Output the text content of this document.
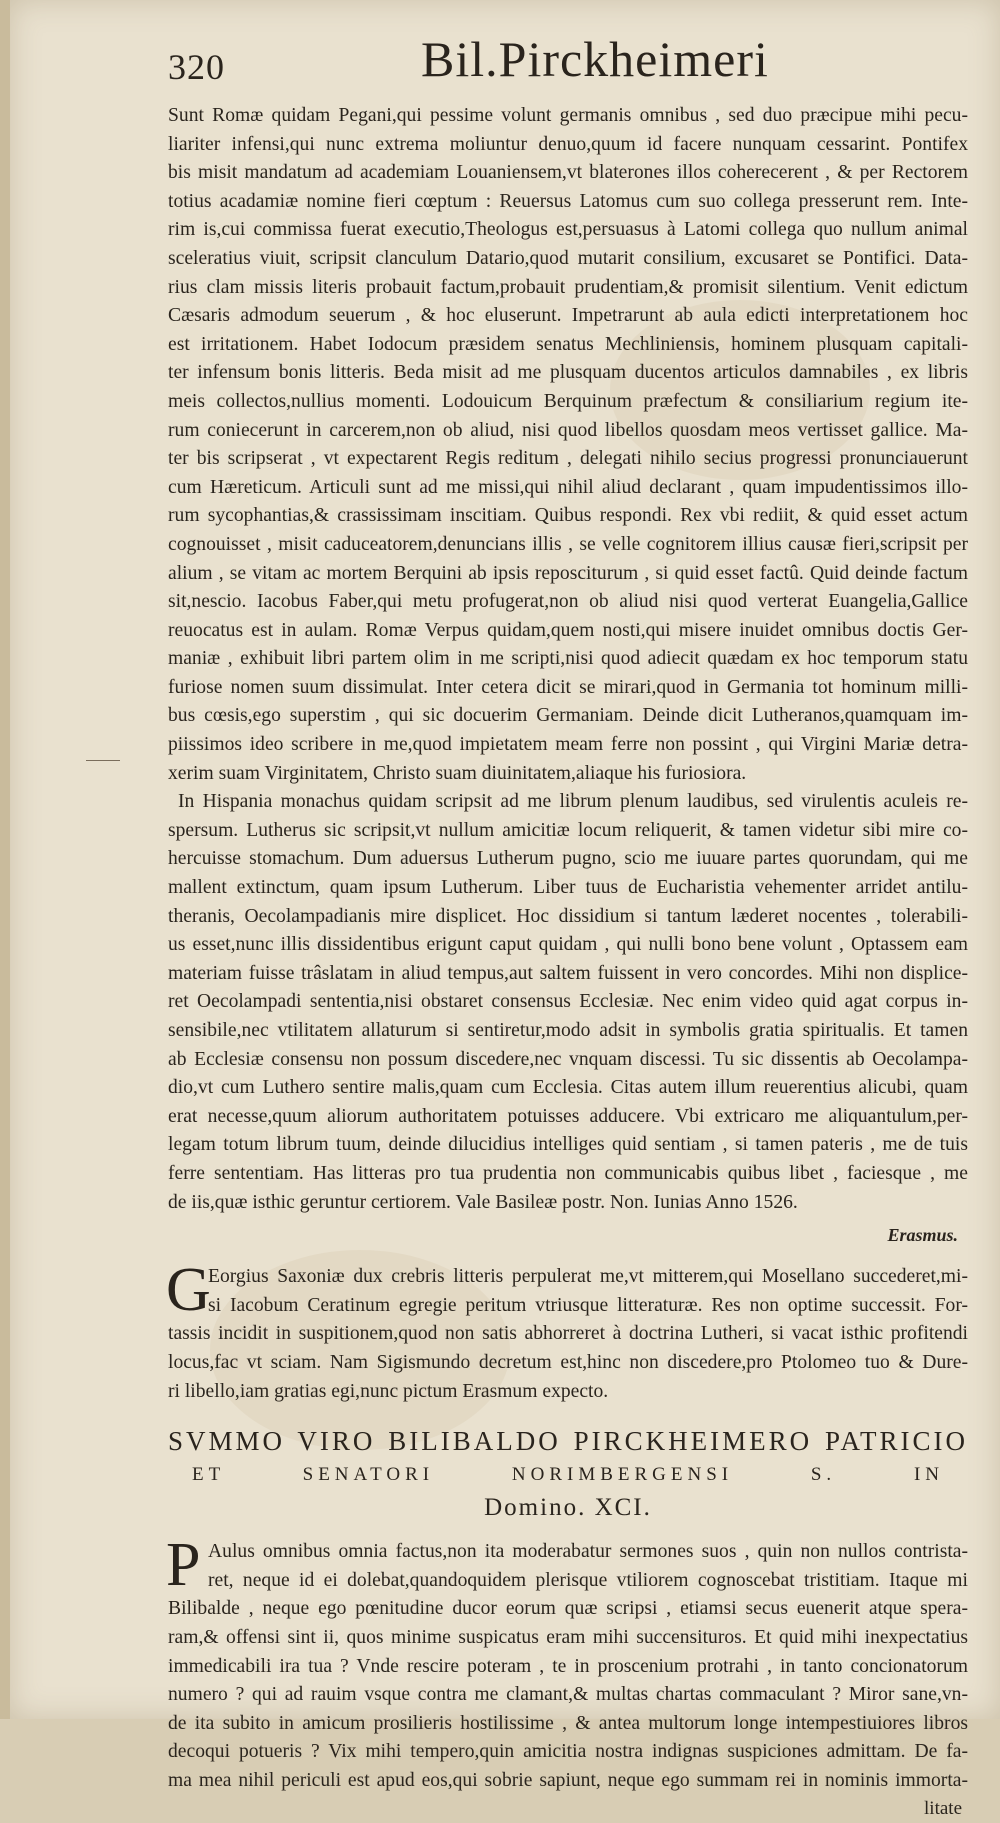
320	Bil.Pirckheimeri
Sunt Romæ quidam Pegani,qui pessime volunt germanis omnibus , sed duo præcipue mihi pecu-
liariter infensi,qui nunc extrema moliuntur denuo,quum id facere nunquam cessarint. Pontifex
bis misit mandatum ad academiam Louaniensem,vt blaterones illos coherecerent , & per Rectorem
totius acadamiæ nomine fieri cœptum : Reuersus Latomus cum suo collega presserunt rem. Inte-
rim is,cui commissa fuerat executio,Theologus est,persuasus à Latomi collega quo nullum animal
sceleratius viuit, scripsit clanculum Datario,quod mutarit consilium, excusaret se Pontifici. Data-
rius clam missis literis probauit factum,probauit prudentiam,& promisit silentium. Venit edictum
Cæsaris admodum seuerum , & hoc eluserunt. Impetrarunt ab aula edicti interpretationem hoc
est irritationem. Habet Iodocum præsidem senatus Mechliniensis, hominem plusquam capitali-
ter infensum bonis litteris. Beda misit ad me plusquam ducentos articulos damnabiles , ex libris
meis collectos,nullius momenti. Lodouicum Berquinum præfectum & consiliarium regium ite-
rum coniecerunt in carcerem,non ob aliud, nisi quod libellos quosdam meos vertisset gallice. Ma-
ter bis scripserat , vt expectarent Regis reditum , delegati nihilo secius progressi pronunciauerunt
cum Hæreticum. Articuli sunt ad me missi,qui nihil aliud declarant , quam impudentissimos illo-
rum sycophantias,& crassissimam inscitiam. Quibus respondi. Rex vbi rediit, & quid esset actum
cognouisset , misit caduceatorem,denuncians illis , se velle cognitorem illius causæ fieri,scripsit per
alium , se vitam ac mortem Berquini ab ipsis reposciturum , si quid esset factû. Quid deinde factum
sit,nescio. Iacobus Faber,qui metu profugerat,non ob aliud nisi quod verterat Euangelia,Gallice
reuocatus est in aulam. Romæ Verpus quidam,quem nosti,qui misere inuidet omnibus doctis Ger-
maniæ , exhibuit libri partem olim in me scripti,nisi quod adiecit quædam ex hoc temporum statu
furiose nomen suum dissimulat. Inter cetera dicit se mirari,quod in Germania tot hominum milli-
bus cœsis,ego superstim , qui sic docuerim Germaniam. Deinde dicit Lutheranos,quamquam im-
piissimos ideo scribere in me,quod impietatem meam ferre non possint , qui Virgini Mariæ detra-
xerim suam Virginitatem, Christo suam diuinitatem,aliaque his furiosiora.
In Hispania monachus quidam scripsit ad me librum plenum laudibus, sed virulentis aculeis re-
spersum. Lutherus sic scripsit,vt nullum amicitiæ locum reliquerit, & tamen videtur sibi mire co-
hercuisse stomachum. Dum aduersus Lutherum pugno, scio me iuuare partes quorundam, qui me
mallent extinctum, quam ipsum Lutherum. Liber tuus de Eucharistia vehementer arridet antilu-
theranis, Oecolampadianis mire displicet. Hoc dissidium si tantum læderet nocentes , tolerabili-
us esset,nunc illis dissidentibus erigunt caput quidam , qui nulli bono bene volunt , Optassem eam
materiam fuisse trâslatam in aliud tempus,aut saltem fuissent in vero concordes. Mihi non displice-
ret Oecolampadi sententia,nisi obstaret consensus Ecclesiæ. Nec enim video quid agat corpus in-
sensibile,nec vtilitatem allaturum si sentiretur,modo adsit in symbolis gratia spiritualis. Et tamen
ab Ecclesiæ consensu non possum discedere,nec vnquam discessi. Tu sic dissentis ab Oecolampa-
dio,vt cum Luthero sentire malis,quam cum Ecclesia. Citas autem illum reuerentius alicubi, quam
erat necesse,quum aliorum authoritatem potuisses adducere. Vbi extricaro me aliquantulum,per-
legam totum librum tuum, deinde dilucidius intelliges quid sentiam , si tamen pateris , me de tuis
ferre sententiam. Has litteras pro tua prudentia non communicabis quibus libet , faciesque , me
de iis,quæ isthic geruntur certiorem. Vale Basileæ postr. Non. Iunias Anno 1526.
Erasmus.
G
Eorgius Saxoniæ dux crebris litteris perpulerat me,vt mitterem,qui Mosellano succederet,mi-
si Iacobum Ceratinum egregie peritum vtriusque litteraturæ. Res non optime successit. For-
tassis incidit in suspitionem,quod non satis abhorreret à doctrina Lutheri, si vacat isthic profitendi
locus,fac vt sciam. Nam Sigismundo decretum est,hinc non discedere,pro Ptolomeo tuo & Dure-
ri libello,iam gratias egi,nunc pictum Erasmum expecto.
SVMMO VIRO BILIBALDO PIRCKHEIMERO PATRICIO
ET SENATORI NORIMBERGENSI S. IN
Domino. XCI.
P Aulus omnibus omnia factus,non ita moderabatur sermones suos , quin non nullos contrista-
ret, neque id ei dolebat,quandoquidem plerisque vtiliorem cognoscebat tristitiam. Itaque mi
Bilibalde , neque ego pœnitudine ducor eorum quæ scripsi , etiamsi secus euenerit atque spera-
ram,& offensi sint ii, quos minime suspicatus eram mihi succensituros. Et quid mihi inexpectatius
immedicabili ira tua ? Vnde rescire poteram , te in proscenium protrahi , in tanto concionatorum
numero ? qui ad rauim vsque contra me clamant,& multas chartas commaculant ? Miror sane,vn-
de ita subito in amicum prosilieris hostilissime , & antea multorum longe intempestiuiores libros
decoqui potueris ? Vix mihi tempero,quin amicitia nostra indignas suspiciones admittam. De fa-
ma mea nihil periculi est apud eos,qui sobrie sapiunt, neque ego summam rei in nominis immorta-
litate
